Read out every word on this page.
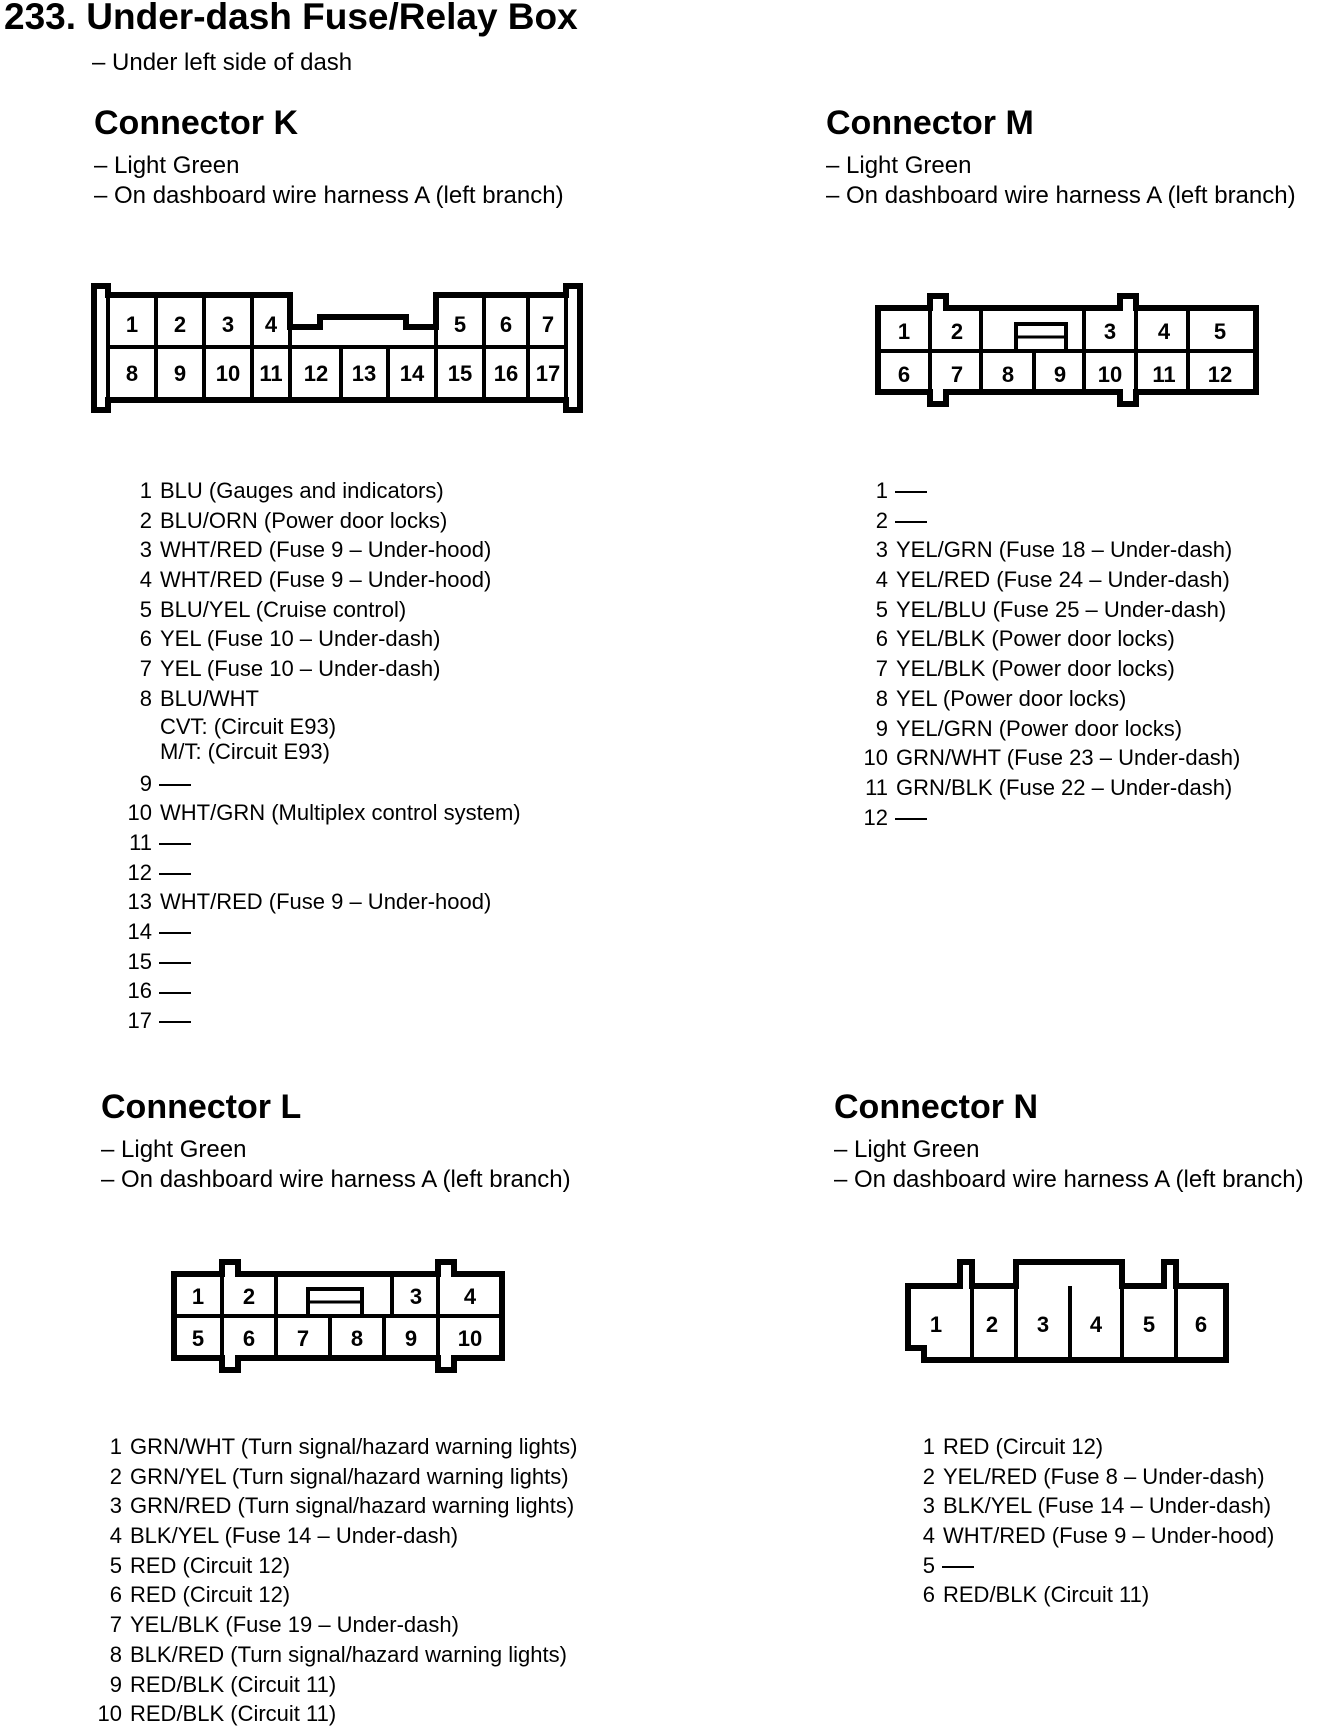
233. Under-dash Fuse/Relay Box
– Under left side of dash
Connector K
– Light Green
– On dashboard wire harness A (left branch)
1 2 3 4	5 6 7
8 9 10 11 12 13 14 15 16 17
1 BLU (Gauges and indicators)
2 BLU/ORN (Power door locks)
3 WHT/RED (Fuse 9 – Under-hood)
4 WHT/RED (Fuse 9 – Under-hood)
5 BLU/YEL (Cruise control)
6 YEL (Fuse 10 – Under-dash)
7 YEL (Fuse 10 – Under-dash)
8 BLU/WHT
CVT: (Circuit E93)
M/T: (Circuit E93)
9
10 WHT/GRN (Multiplex control system)
11
12
13 WHT/RED (Fuse 9 – Under-hood)
14
15
16
17
Connector M
– Light Green
– On dashboard wire harness A (left branch)
1 2	3 4 5
6 7 8 9 10 11 12
1
2
3 YEL/GRN (Fuse 18 – Under-dash)
4 YEL/RED (Fuse 24 – Under-dash)
5 YEL/BLU (Fuse 25 – Under-dash)
6 YEL/BLK (Power door locks)
7 YEL/BLK (Power door locks)
8 YEL (Power door locks)
9 YEL/GRN (Power door locks)
10 GRN/WHT (Fuse 23 – Under-dash)
11 GRN/BLK (Fuse 22 – Under-dash)
12
Connector L
– Light Green
– On dashboard wire harness A (left branch)
1 2	3 4
5 6 7 8 9 10
1 GRN/WHT (Turn signal/hazard warning lights)
2 GRN/YEL (Turn signal/hazard warning lights)
3 GRN/RED (Turn signal/hazard warning lights)
4 BLK/YEL (Fuse 14 – Under-dash)
5 RED (Circuit 12)
6 RED (Circuit 12)
7 YEL/BLK (Fuse 19 – Under-dash)
8 BLK/RED (Turn signal/hazard warning lights)
9 RED/BLK (Circuit 11)
10 RED/BLK (Circuit 11)
Connector N
– Light Green
– On dashboard wire harness A (left branch)
1 2 3 4 5 6
1 RED (Circuit 12)
2 YEL/RED (Fuse 8 – Under-dash)
3 BLK/YEL (Fuse 14 – Under-dash)
4 WHT/RED (Fuse 9 – Under-hood)
5
6 RED/BLK (Circuit 11)
